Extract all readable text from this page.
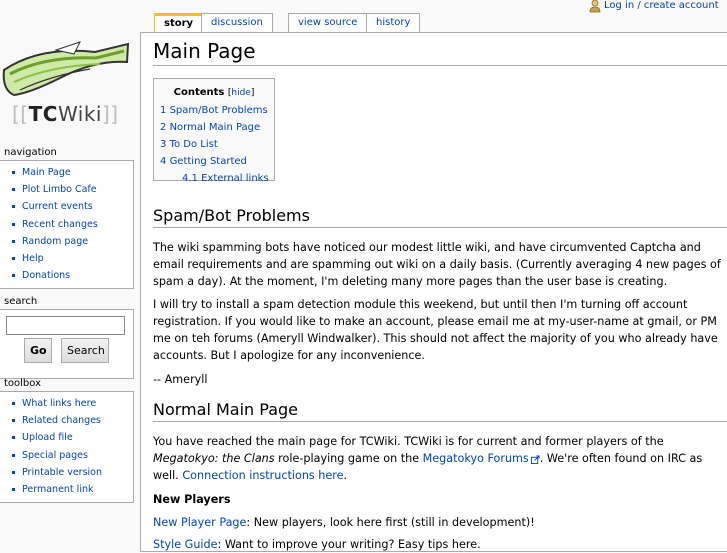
Log in / create account
story	discussion	view source	history
[[TCWiki]]
navigation
Main Page
Plot Limbo Cafe
Current events
Recent changes
Random page
Help
Donations
search
Go	Search
toolbox
What links here
Related changes
Upload file
Special pages
Printable version
Permanent link
Main Page
Contents [hide]
1 Spam/Bot Problems
2 Normal Main Page
3 To Do List
4 Getting Started
4.1 External links
Spam/Bot Problems

The wiki spamming bots have noticed our modest little wiki, and have circumvented Captcha and email requirements and are spamming out wiki on a daily basis. (Currently averaging 4 new pages of spam a day). At the moment, I'm deleting many more pages than the user base is creating.

I will try to install a spam detection module this weekend, but until then I'm turning off account registration. If you would like to make an account, please email me at my-user-name at gmail, or PM me on teh forums (Ameryll Windwalker). This should not affect the majority of you who already have accounts. But I apologize for any inconvenience.

-- Ameryll

Normal Main Page

You have reached the main page for TCWiki. TCWiki is for current and former players of the Megatokyo: the Clans role-playing game on the Megatokyo Forums . We're often found on IRC as well. Connection instructions here.

New Players

New Player Page: New players, look here first (still in development)!

Style Guide: Want to improve your writing? Easy tips here.
